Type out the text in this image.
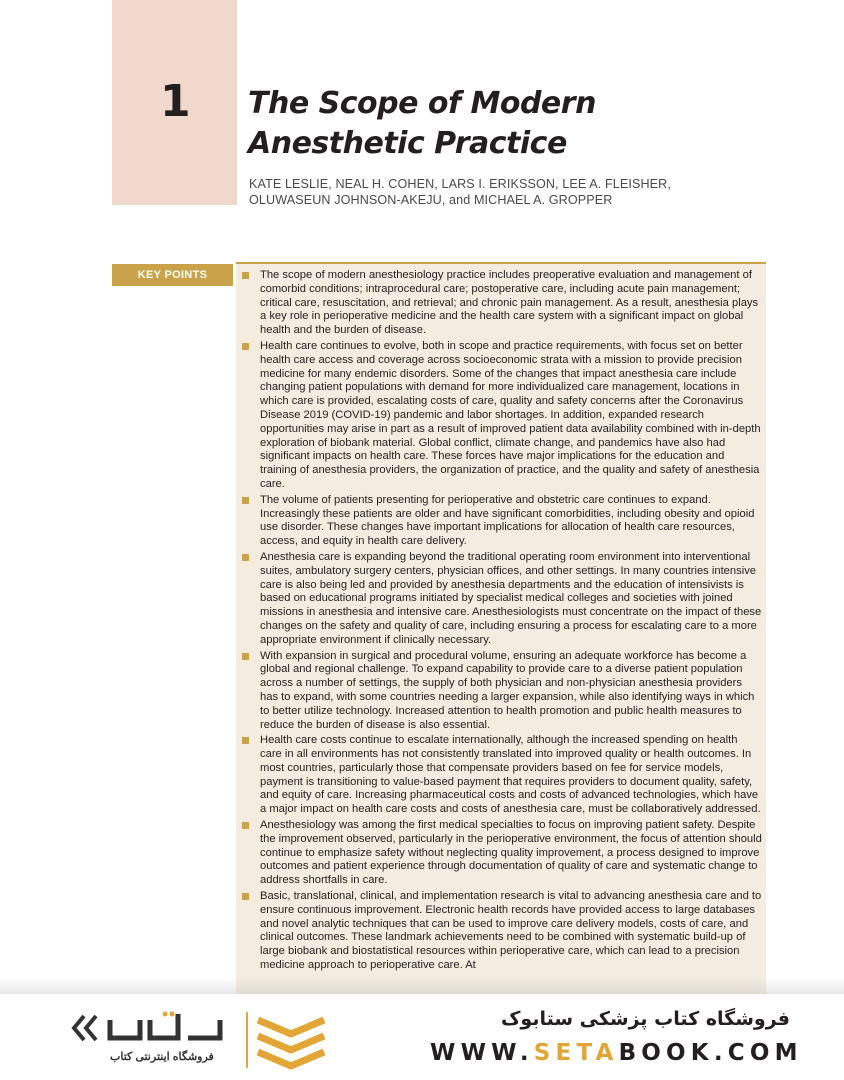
1 The Scope of Modern
Anesthetic Practice

KATE LESLIE, NEAL H. COHEN, LARS I. ERIKSSON, LEE A. FLEISHER,
OLUWASEUN JOHNSON-AKEJU, and MICHAEL A. GROPPER

KEY POINTS	The scope of modern anesthesiology practice includes preoperative evaluation and management of comorbid conditions; intraprocedural care; postoperative care, including acute pain management; critical care, resuscitation, and retrieval; and chronic pain management. As a result, anesthesia plays a key role in perioperative medicine and the health care system with a significant impact on global health and the burden of disease.
Health care continues to evolve, both in scope and practice requirements, with focus set on better health care access and coverage across socioeconomic strata with a mission to provide precision medicine for many endemic disorders. Some of the changes that impact anesthesia care include changing patient populations with demand for more individualized care management, locations in which care is provided, escalating costs of care, quality and safety concerns after the Coronavirus Disease 2019 (COVID-19) pandemic and labor shortages. In addition, expanded research opportunities may arise in part as a result of improved patient data availability combined with in-depth exploration of biobank material. Global conflict, climate change, and pandemics have also had significant impacts on health care. These forces have major implications for the education and training of anesthesia providers, the organization of practice, and the quality and safety of anesthesia care.
The volume of patients presenting for perioperative and obstetric care continues to expand. Increasingly these patients are older and have significant comorbidities, including obesity and opioid use disorder. These changes have important implications for allocation of health care resources, access, and equity in health care delivery.
Anesthesia care is expanding beyond the traditional operating room environment into interventional suites, ambulatory surgery centers, physician offices, and other settings. In many countries intensive care is also being led and provided by anesthesia departments and the education of intensivists is based on educational programs initiated by specialist medical colleges and societies with joined missions in anesthesia and intensive care. Anesthesiologists must concentrate on the impact of these changes on the safety and quality of care, including ensuring a process for escalating care to a more appropriate environment if clinically necessary.
With expansion in surgical and procedural volume, ensuring an adequate workforce has become a global and regional challenge. To expand capability to provide care to a diverse patient population across a number of settings, the supply of both physician and non-physician anesthesia providers has to expand, with some countries needing a larger expansion, while also identifying ways in which to better utilize technology. Increased attention to health promotion and public health measures to reduce the burden of disease is also essential.
Health care costs continue to escalate internationally, although the increased spending on health care in all environments has not consistently translated into improved quality or health outcomes. In most countries, particularly those that compensate providers based on fee for service models, payment is transitioning to value-based payment that requires providers to document quality, safety, and equity of care. Increasing pharmaceutical costs and costs of advanced technologies, which have a major impact on health care costs and costs of anesthesia care, must be collaboratively addressed.
Anesthesiology was among the first medical specialties to focus on improving patient safety. Despite the improvement observed, particularly in the perioperative environment, the focus of attention should continue to emphasize safety without neglecting quality improvement, a process designed to improve outcomes and patient experience through documentation of quality of care and systematic change to address shortfalls in care.
Basic, translational, clinical, and implementation research is vital to advancing anesthesia care and to ensure continuous improvement. Electronic health records have provided access to large databases and novel analytic techniques that can be used to improve care delivery models, costs of care, and clinical outcomes. These landmark achievements need to be combined with systematic build-up of large biobank and biostatistical resources within perioperative care, which can lead to a precision medicine approach to perioperative care. At
فروشگاه اینترنتی کتاب
فروشگاه کتاب پزشکی ستابوک
WWW.SETABOOK.COM
